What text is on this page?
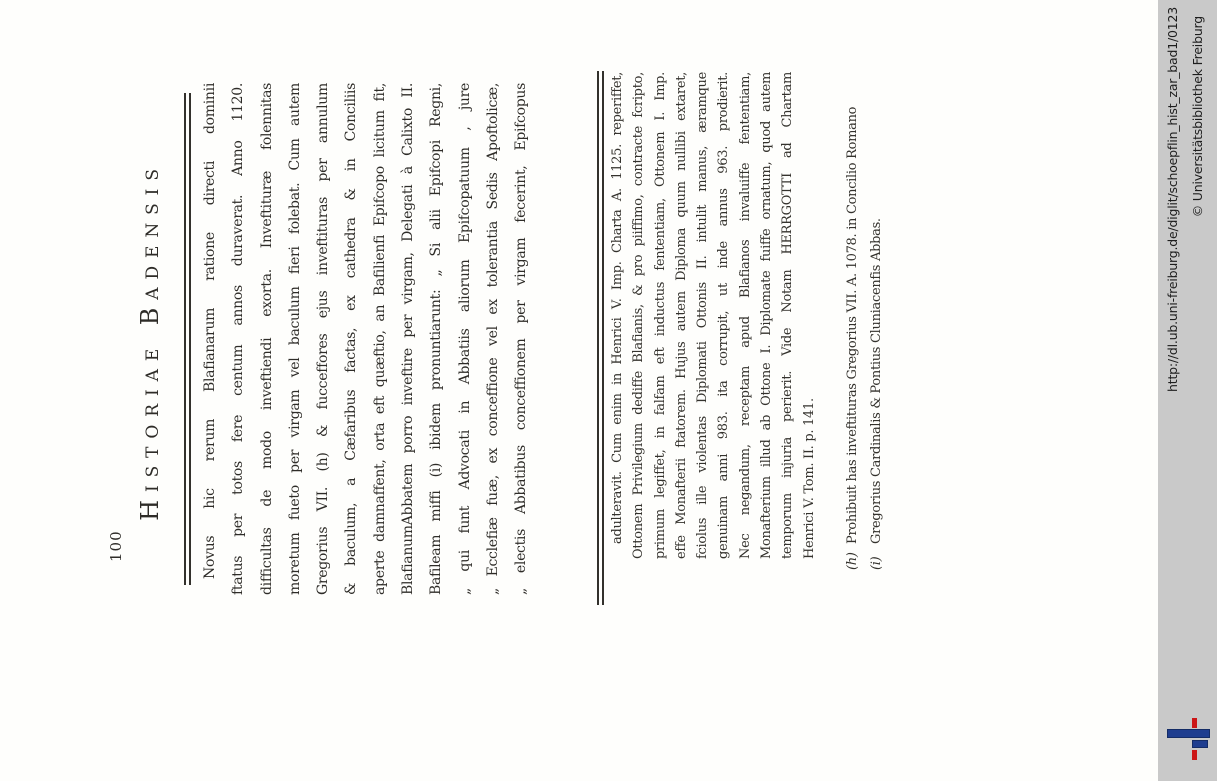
100
Historiae Badensis	Novus hic rerum Blafianarum ratione directi dominii ftatus per totos fere centum annos duraverat. Anno 1120. difficultas de modo inveftiendi exorta. Inveftituræ folennitas moretum fueto per virgam vel baculum fieri folebat. Cum autem Gregorius VII. (h) & fucceffores ejus inveftituras per annulum & baculum, a Cæfaribus factas, ex cathedra & in Conciliis aperte damnaffent, orta eft quæftio, an Bafilienfi Epifcopo licitum fit, BlafianumAbbatem porro inveftire per virgam, Delegati à Calixto II. Bafileam miffi (i) ibidem pronuntiarunt: „ Si alii Epifcopi Regni, „ qui funt Advocati in Abbatiis aliorum Epifcopatuum , jure „ Ecclefiæ fuæ, ex conceffione vel ex tolerantia Sedis Apoftolicæ, „ electis Abbatibus conceffionem per virgam fecerint, Epifcopus	adulteravit. Cum enim in Henrici V. Imp. Charta A. 1125. reperiffet, Ottonem Privilegium dediffe Blafianis, & pro piiffimo, contracte fcripto, primum legiffet, in falfam eft inductus fententiam, Ottonem I. Imp. effe Monafterii ftatorem. Hujus autem Diploma quum nullibi extaret, fciolus ille violentas Diplomati Ottonis II. intulit manus, æramque genuinam anni 983. ita corrupit, ut inde annus 963. prodierit. Nec negandum, receptam apud Blafianos invaluiffe fententiam, Monafterium illud ab Ottone I. Diplomate fuiffe ornatum, quod autem temporum injuria perierit. Vide Notam HERRGOTTI ad Chartam Henrici V. Tom. II. p. 141.

(h)Prohibuit has inveftituras Gregorius VII. A. 1078. in Concilio Romano
(i)Gregorius Cardinalis & Pontius Cluniacenfis Abbas.	http://dl.ub.uni-freiburg.de/diglit/schoepflin_hist_zar_bad1/0123 © Universitätsbibliothek Freiburg
